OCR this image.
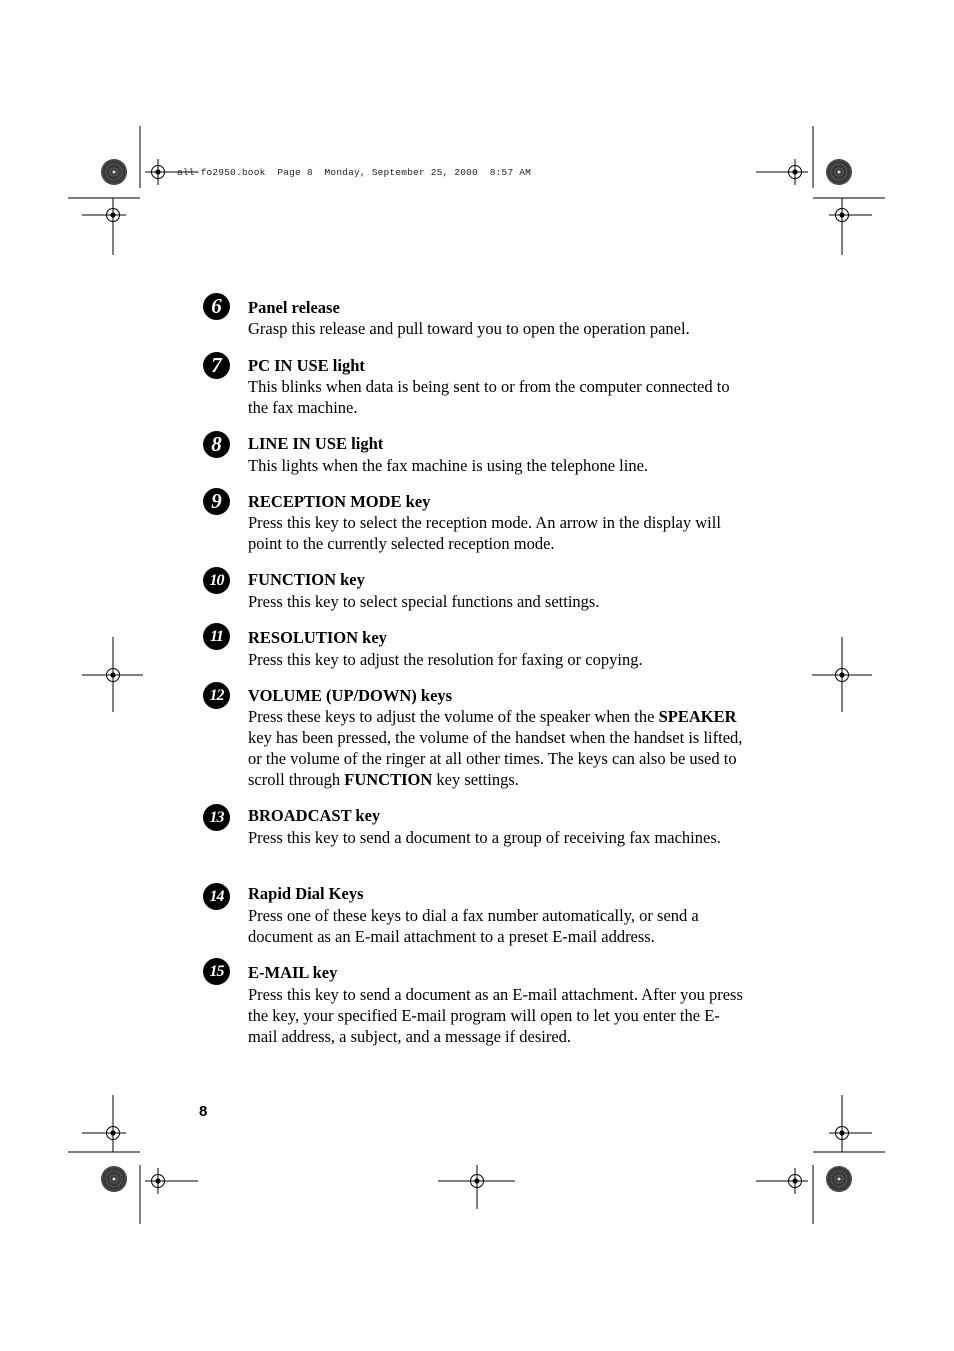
all-fo2950.book  Page 8  Monday, September 25, 2000  8:57 AM
6	Panel release
Grasp this release and pull toward you to open the operation panel.
7	PC IN USE light
This blinks when data is being sent to or from the computer connected to the fax machine.
8	LINE IN USE light
This lights when the fax machine is using the telephone line.
9	RECEPTION MODE key
Press this key to select the reception mode. An arrow in the display will point to the currently selected reception mode.
10	FUNCTION key
Press this key to select special functions and settings.
11	RESOLUTION key
Press this key to adjust the resolution for faxing or copying.
12	VOLUME (UP/DOWN) keys
Press these keys to adjust the volume of the speaker when the SPEAKER key has been pressed, the volume of the handset when the handset is lifted, or the volume of the ringer at all other times. The keys can also be used to scroll through FUNCTION key settings.
13	BROADCAST key
Press this key to send a document to a group of receiving fax machines.
14	Rapid Dial Keys
Press one of these keys to dial a fax number automatically, or send a document as an E-mail attachment to a preset E-mail address.
15	E-MAIL key
Press this key to send a document as an E-mail attachment. After you press the key, your specified E-mail program will open to let you enter the E-mail address, a subject, and a message if desired.
8
